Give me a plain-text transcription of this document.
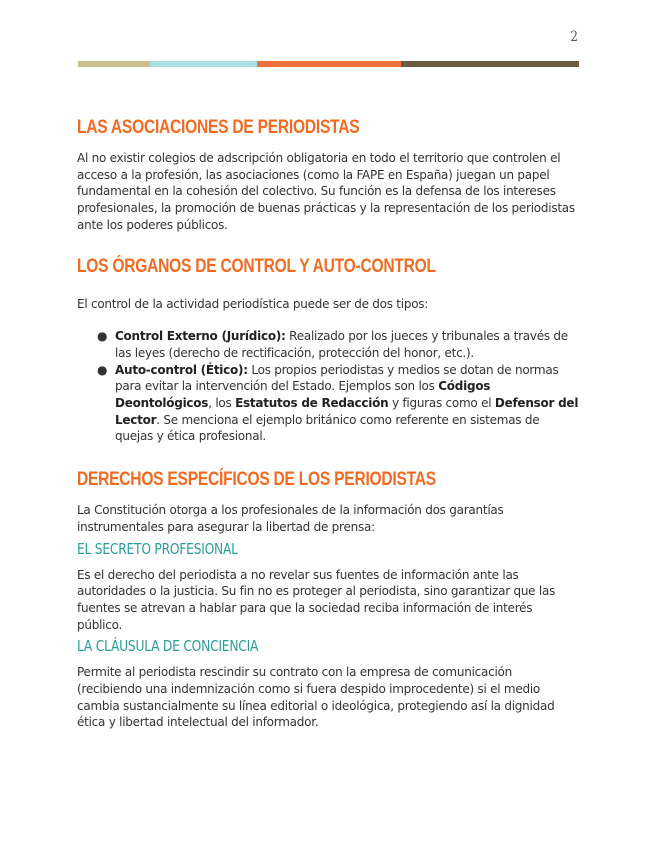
2
LAS ASOCIACIONES DE PERIODISTAS

Al no existir colegios de adscripción obligatoria en todo el territorio que controlen el acceso a la profesión, las asociaciones (como la FAPE en España) juegan un papel fundamental en la cohesión del colectivo. Su función es la defensa de los intereses profesionales, la promoción de buenas prácticas y la representación de los periodistas ante los poderes públicos.

LOS ÓRGANOS DE CONTROL Y AUTO-CONTROL

El control de la actividad periodística puede ser de dos tipos:

● Control Externo (Jurídico): Realizado por los jueces y tribunales a través de las leyes (derecho de rectificación, protección del honor, etc.).
● Auto-control (Ético): Los propios periodistas y medios se dotan de normas para evitar la intervención del Estado. Ejemplos son los Códigos Deontológicos, los Estatutos de Redacción y figuras como el Defensor del Lector. Se menciona el ejemplo británico como referente en sistemas de quejas y ética profesional.
DERECHOS ESPECÍFICOS DE LOS PERIODISTAS

La Constitución otorga a los profesionales de la información dos garantías instrumentales para asegurar la libertad de prensa:

EL SECRETO PROFESIONAL

Es el derecho del periodista a no revelar sus fuentes de información ante las autoridades o la justicia. Su fin no es proteger al periodista, sino garantizar que las fuentes se atrevan a hablar para que la sociedad reciba información de interés público.

LA CLÁUSULA DE CONCIENCIA

Permite al periodista rescindir su contrato con la empresa de comunicación (recibiendo una indemnización como si fuera despido improcedente) si el medio cambia sustancialmente su línea editorial o ideológica, protegiendo así la dignidad ética y libertad intelectual del informador.
